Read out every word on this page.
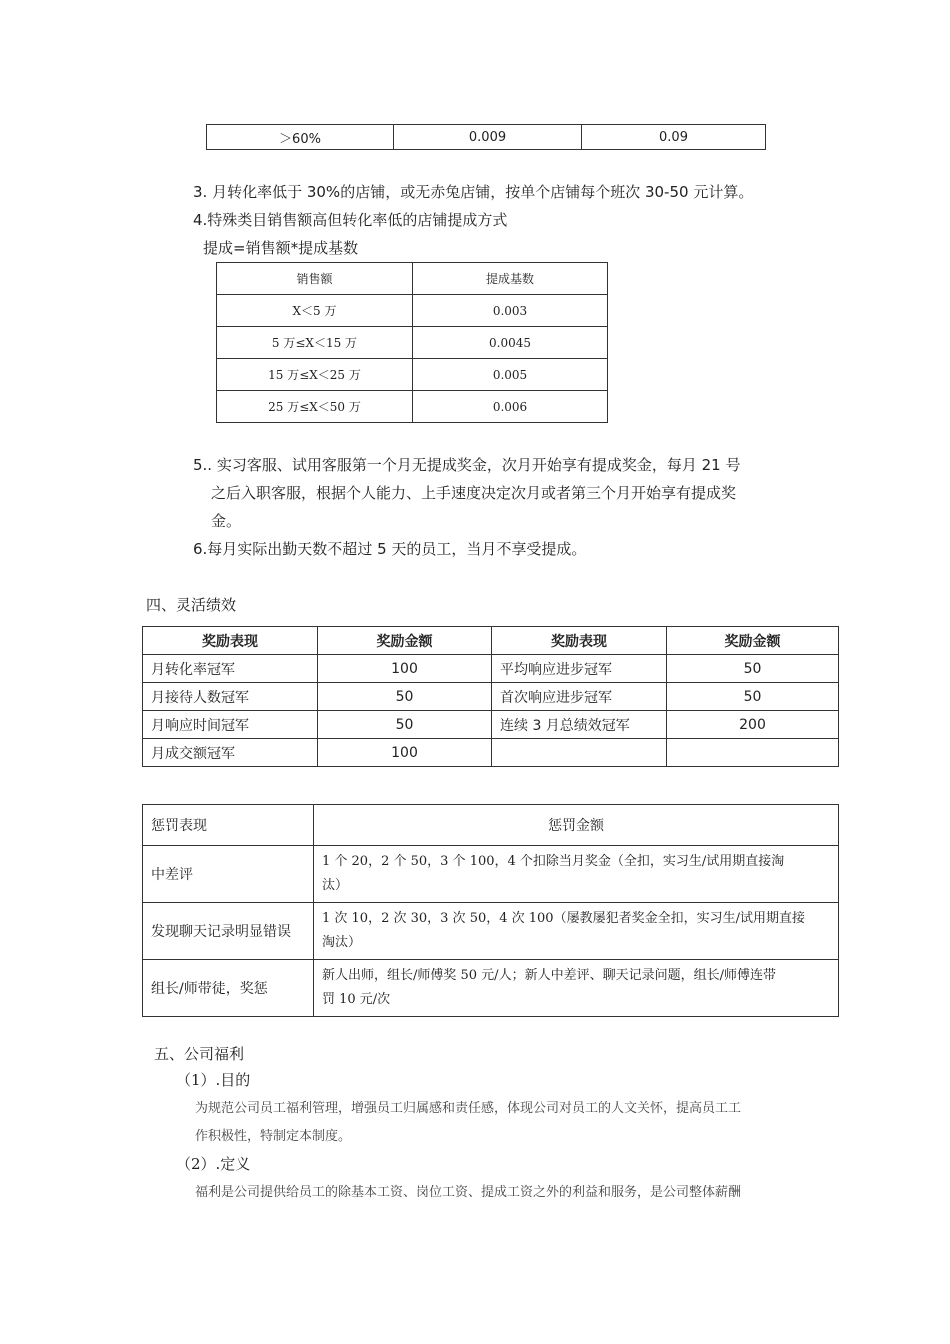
＞60%	0.009	0.09
3. 月转化率低于 30%的店铺，或无赤兔店铺，按单个店铺每个班次 30-50 元计算。
4.特殊类目销售额高但转化率低的店铺提成方式
提成=销售额*提成基数
销售额	提成基数
X＜5 万	0.003
5 万≤X＜15 万	0.0045
15 万≤X＜25 万	0.005
25 万≤X＜50 万	0.006
5.. 实习客服、试用客服第一个月无提成奖金，次月开始享有提成奖金，每月 21 号
之后入职客服，根据个人能力、上手速度决定次月或者第三个月开始享有提成奖
金。
6.每月实际出勤天数不超过 5 天的员工，当月不享受提成。
四、灵活绩效
奖励表现	奖励金额	奖励表现	奖励金额
月转化率冠军	100	平均响应进步冠军	50
月接待人数冠军	50	首次响应进步冠军	50
月响应时间冠军	50	连续 3 月总绩效冠军	200
月成交额冠军	100		
惩罚表现	惩罚金额
中差评	1 个 20，2 个 50，3 个 100，4 个扣除当月奖金（全扣，实习生/试用期直接淘
汰）

发现聊天记录明显错误	1 次 10，2 次 30，3 次 50，4 次 100（屡教屡犯者奖金全扣，实习生/试用期直接
淘汰）

组长/师带徒，奖惩	新人出师，组长/师傅奖 50 元/人；新人中差评、聊天记录问题，组长/师傅连带
罚 10 元/次
五、公司福利
（1）.目的
为规范公司员工福利管理，增强员工归属感和责任感，体现公司对员工的人文关怀，提高员工工
作积极性，特制定本制度。
（2）.定义
福利是公司提供给员工的除基本工资、岗位工资、提成工资之外的利益和服务，是公司整体薪酬
